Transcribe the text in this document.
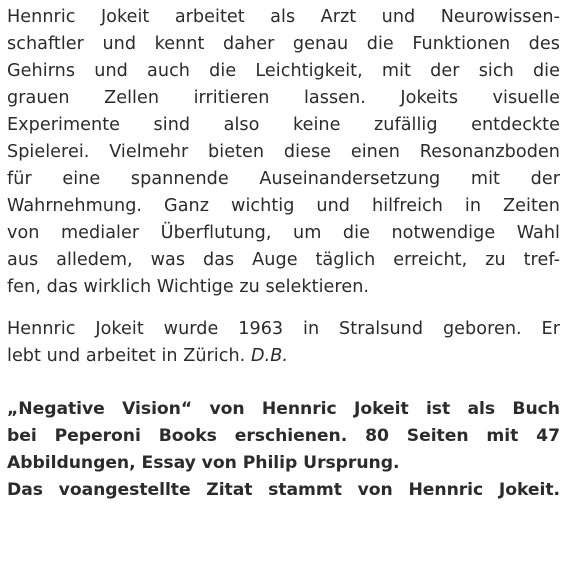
Hennric Jokeit arbeitet als Arzt und Neurowissen-
schaftler und kennt daher genau die Funktionen des
Gehirns und auch die Leichtigkeit, mit der sich die
grauen Zellen irritieren lassen. Jokeits visuelle
Experimente sind also keine zufällig entdeckte
Spielerei. Vielmehr bieten diese einen Resonanzboden
für eine spannende Auseinandersetzung mit der
Wahrnehmung. Ganz wichtig und hilfreich in Zeiten
von medialer Überflutung, um die notwendige Wahl
aus alledem, was das Auge täglich erreicht, zu tref-
fen, das wirklich Wichtige zu selektieren.
Hennric Jokeit wurde 1963 in Stralsund geboren. Er
lebt und arbeitet in Zürich. D.B.
„Negative Vision“ von Hennric Jokeit ist als Buch
bei Peperoni Books erschienen. 80 Seiten mit 47
Abbildungen, Essay von Philip Ursprung.
Das voangestellte Zitat stammt von Hennric Jokeit.
